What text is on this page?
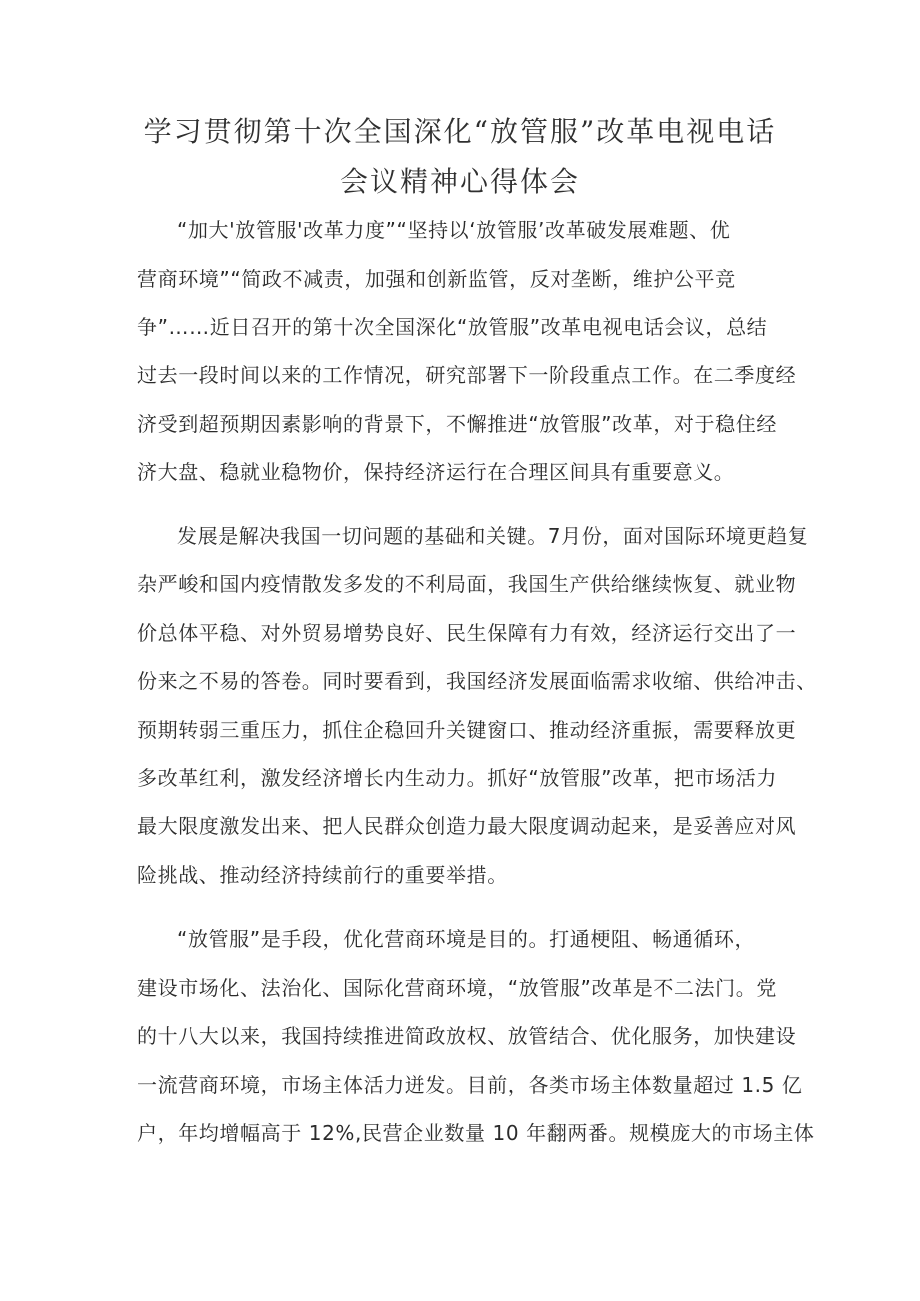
学习贯彻第十次全国深化“放管服”改革电视电话
会议精神心得体会
“加大'放管服'改革力度”“坚持以‘放管服’改革破发展难题、优
营商环境”“简政不减责，加强和创新监管，反对垄断，维护公平竞
争”……近日召开的第十次全国深化“放管服”改革电视电话会议，总结
过去一段时间以来的工作情况，研究部署下一阶段重点工作。在二季度经
济受到超预期因素影响的背景下，不懈推进“放管服”改革，对于稳住经
济大盘、稳就业稳物价，保持经济运行在合理区间具有重要意义。
发展是解决我国一切问题的基础和关键。7月份，面对国际环境更趋复
杂严峻和国内疫情散发多发的不利局面，我国生产供给继续恢复、就业物
价总体平稳、对外贸易增势良好、民生保障有力有效，经济运行交出了一
份来之不易的答卷。同时要看到，我国经济发展面临需求收缩、供给冲击、
预期转弱三重压力，抓住企稳回升关键窗口、推动经济重振，需要释放更
多改革红利，激发经济增长内生动力。抓好“放管服”改革，把市场活力
最大限度激发出来、把人民群众创造力最大限度调动起来，是妥善应对风
险挑战、推动经济持续前行的重要举措。
“放管服”是手段，优化营商环境是目的。打通梗阻、畅通循环，
建设市场化、法治化、国际化营商环境，“放管服”改革是不二法门。党
的十八大以来，我国持续推进简政放权、放管结合、优化服务，加快建设
一流营商环境，市场主体活力迸发。目前，各类市场主体数量超过 1.5 亿
户，年均增幅高于 12%,民营企业数量 10 年翻两番。规模庞大的市场主体
